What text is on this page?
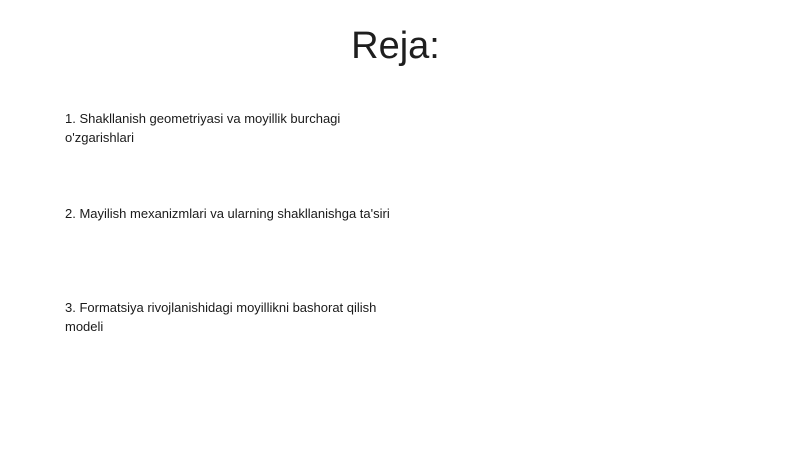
Reja:
1. Shakllanish geometriyasi va moyillik burchagi o'zgarishlari
2. Mayilish mexanizmlari va ularning shakllanishga ta'siri
3. Formatsiya rivojlanishidagi moyillikni bashorat qilish modeli
